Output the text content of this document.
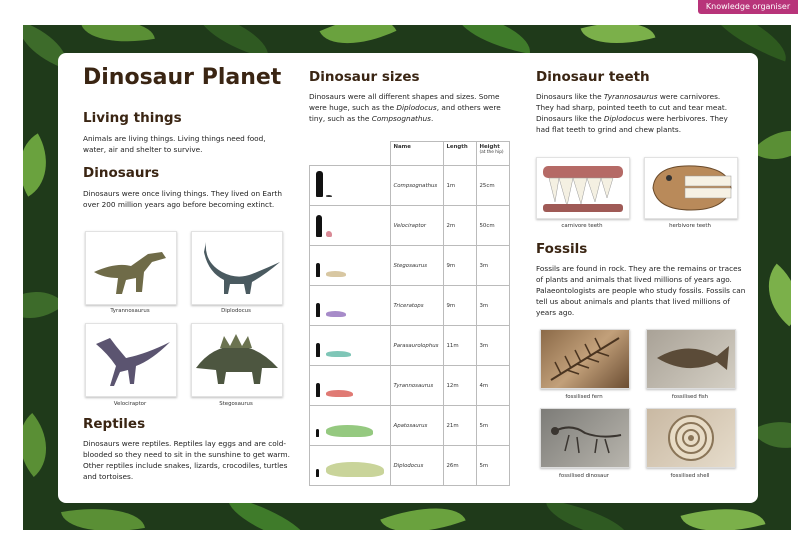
Knowledge organiser
Dinosaur Planet
Living things
Animals are living things. Living things need food, water, air and shelter to survive.
Dinosaurs
Dinosaurs were once living things. They lived on Earth over 200 million years ago before becoming extinct.
Tyrannosaurus	Diplodocus
Velociraptor	Stegosaurus
Reptiles
Dinosaurs were reptiles. Reptiles lay eggs and are cold-blooded so they need to sit in the sunshine to get warm. Other reptiles include snakes, lizards, crocodiles, turtles and tortoises.
Dinosaur sizes
Dinosaurs were all different shapes and sizes. Some were huge, such as the Diplodocus, and others were tiny, such as the Compsognathus.
Dinosaur teeth
Dinosaurs like the Tyrannosaurus were carnivores. They had sharp, pointed teeth to cut and tear meat. Dinosaurs like the Diplodocus were herbivores. They had flat teeth to grind and chew plants.
carnivore teeth	herbivore teeth
Fossils
Fossils are found in rock. They are the remains or traces of plants and animals that lived millions of years ago. Palaeontologists are people who study fossils. Fossils can tell us about animals and plants that lived millions of years ago.
fossilised fern	fossilised fish
fossilised dinosaur	fossilised shell
	Name	Length	Height
(at the hip)

	Compsognathus	1m	25cm

	Velociraptor	2m	50cm

	Stegosaurus	9m	3m

	Triceratops	9m	3m

	Parasaurolophus	11m	3m

	Tyrannosaurus	12m	4m

	Apatosaurus	21m	5m

	Diplodocus	26m	5m
